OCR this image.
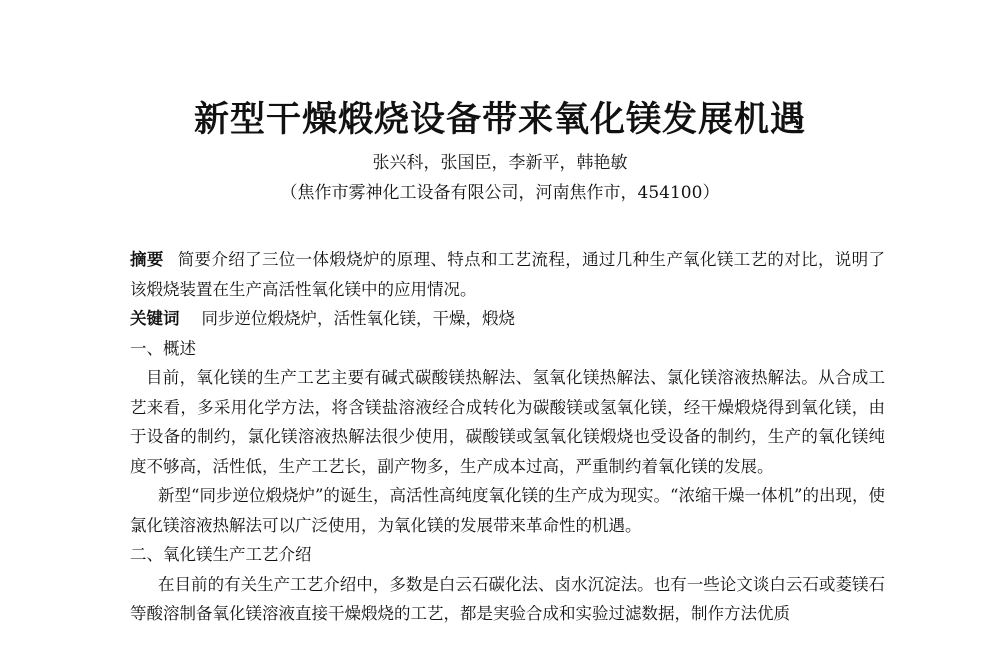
新型干燥煅烧设备带来氧化镁发展机遇
张兴科，张国臣，李新平，韩艳敏
（焦作市雾神化工设备有限公司，河南焦作市，454100）

摘要 简要介绍了三位一体煅烧炉的原理、特点和工艺流程，通过几种生产氧化镁工艺的对比，说明了该煅烧装置在生产高活性氧化镁中的应用情况。

关键词 同步逆位煅烧炉，活性氧化镁，干燥，煅烧

一、概述

目前，氧化镁的生产工艺主要有碱式碳酸镁热解法、氢氧化镁热解法、氯化镁溶液热解法。从合成工艺来看，多采用化学方法，将含镁盐溶液经合成转化为碳酸镁或氢氧化镁，经干燥煅烧得到氧化镁，由于设备的制约，氯化镁溶液热解法很少使用，碳酸镁或氢氧化镁煅烧也受设备的制约，生产的氧化镁纯度不够高，活性低，生产工艺长，副产物多，生产成本过高，严重制约着氧化镁的发展。

新型“同步逆位煅烧炉”的诞生，高活性高纯度氧化镁的生产成为现实。“浓缩干燥一体机”的出现，使氯化镁溶液热解法可以广泛使用，为氧化镁的发展带来革命性的机遇。

二、氧化镁生产工艺介绍

在目前的有关生产工艺介绍中，多数是白云石碳化法、卤水沉淀法。也有一些论文谈白云石或菱镁石等酸溶制备氧化镁溶液直接干燥煅烧的工艺，都是実验合成和实验过滤数据，制作方法优质
